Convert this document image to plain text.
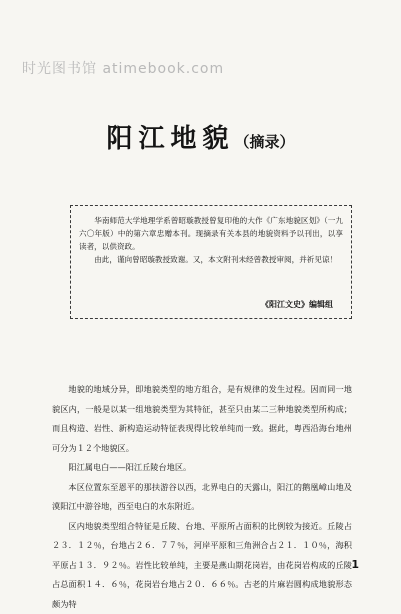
时光图书馆 atimebook.com
阳江地貌（摘录）

华南师范大学地理学系曾昭璇教授曾复印他的大作《广东地貌区划》（一九六〇年版）中的第六章忠赠本刊。现摘录有关本县的地貌资料予以刊出，以享读者，以供资政。

由此，谨向曾昭璇教授致谢。又，本文附刊未经曾教授审阅，并祈见谅！

《阳江文史》编辑组

地貌的地域分异，即地貌类型的地方组合，是有规律的发生过程。因而同一地貌区内，一般是以某一组地貌类型为其特征，甚至只由某二三种地貌类型所构成；而且构造、岩性、新构造运动特征表现得比较单纯而一致。据此，粤西沿海台地州可分为１２个地貌区。

阳江属电白——阳江丘陵台地区。

本区位置东至恩平的那扶游谷以西，北界电白的天露山，阳江的鹅凰嶂山地及漠阳江中游谷地，西至电白的水东附近。

区内地貌类型组合特征是丘陵、台地、平原所占面积的比例较为接近。丘陵占２３．１２％，台地占２６．７７％，河岸平原和三角洲合占２１．１０％，海积平原占１３．９２％。岩性比较单纯，主要是燕山期花岗岩，由花岗岩构成的丘陵占总面积１４．６％，花岗岩台地占２０．６６％。古老的片麻岩圆构成地貌形态颇为特

1
